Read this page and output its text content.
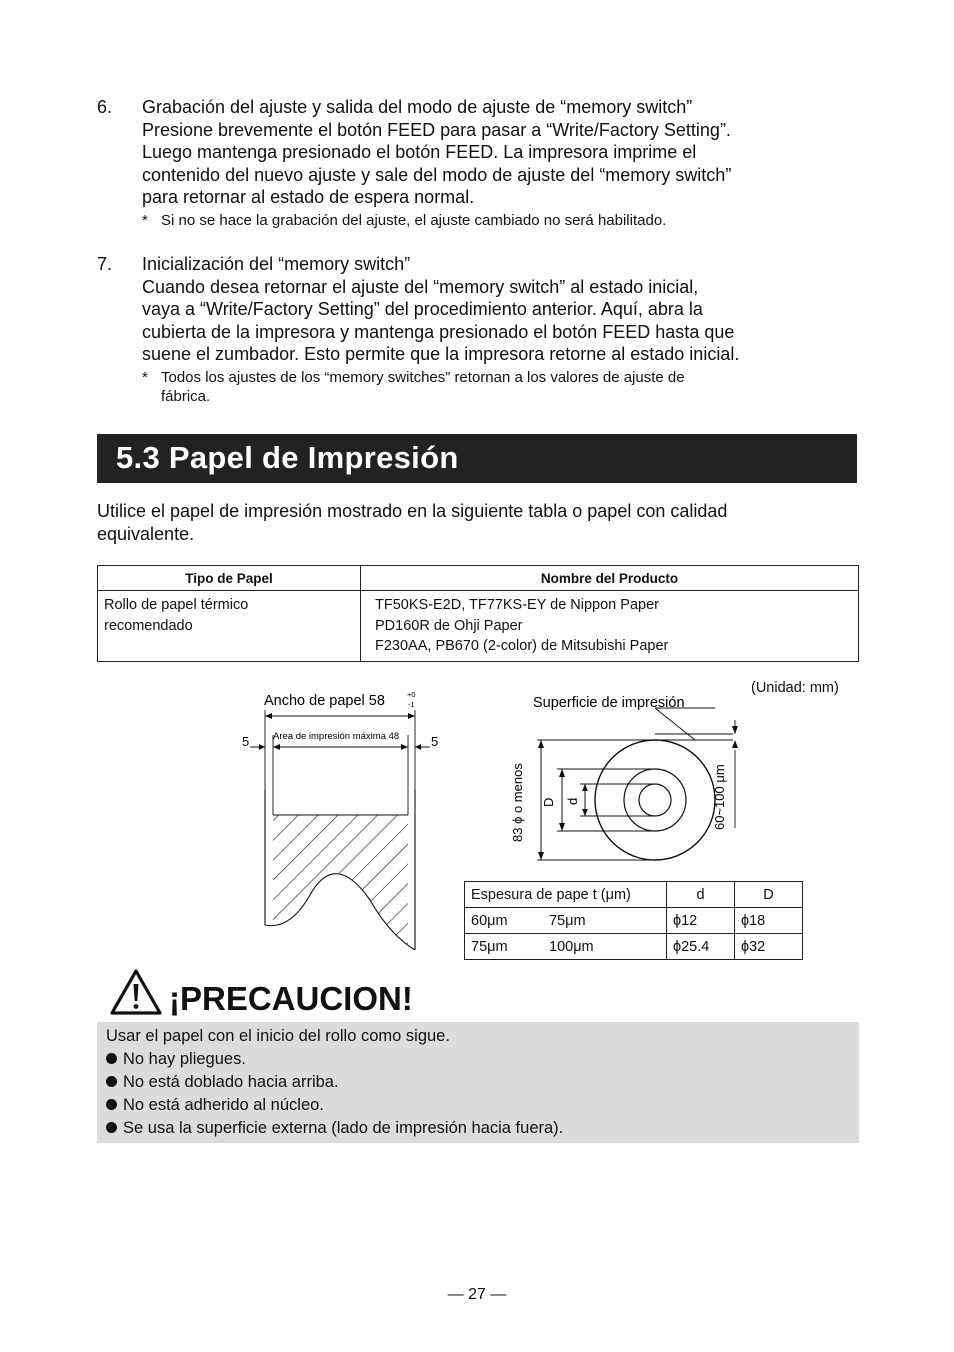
6. Grabación del ajuste y salida del modo de ajuste de “memory switch”
Presione brevemente el botón FEED para pasar a “Write/Factory Setting”.
Luego mantenga presionado el botón FEED. La impresora imprime el
contenido del nuevo ajuste y sale del modo de ajuste del “memory switch”
para retornar al estado de espera normal.
* Si no se hace la grabación del ajuste, el ajuste cambiado no será habilitado.
7. Inicialización del “memory switch”
Cuando desea retornar el ajuste del “memory switch” al estado inicial,
vaya a “Write/Factory Setting” del procedimiento anterior. Aquí, abra la
cubierta de la impresora y mantenga presionado el botón FEED hasta que
suene el zumbador. Esto permite que la impresora retorne al estado inicial.
* Todos los ajustes de los “memory switches” retornan a los valores de ajuste de
fábrica.
5.3 Papel de Impresión
Utilice el papel de impresión mostrado en la siguiente tabla o papel con calidad
equivalente.
Tipo de Papel	Nombre del Producto

Rollo de papel térmico
recomendado	TF50KS-E2D, TF77KS-EY de Nippon Paper
PD160R de Ohji Paper
F230AA, PB670 (2-color) de Mitsubishi Paper
(Unidad: mm)
Ancho de papel 58	+0
-1
Area de impresión máxima 48
5	5
Superficie de impresión
60~100 μm
83 ϕ o menos D d
Espesura de pape t (μm)		d	D
60μm	75μm	ϕ12	ϕ18
75μm	100μm	ϕ25.4	ϕ32
¡PRECAUCION!
Usar el papel con el inicio del rollo como sigue.
No hay pliegues.
No está doblado hacia arriba.
No está adherido al núcleo.
Se usa la superficie externa (lado de impresión hacia fuera).
— 27 —
